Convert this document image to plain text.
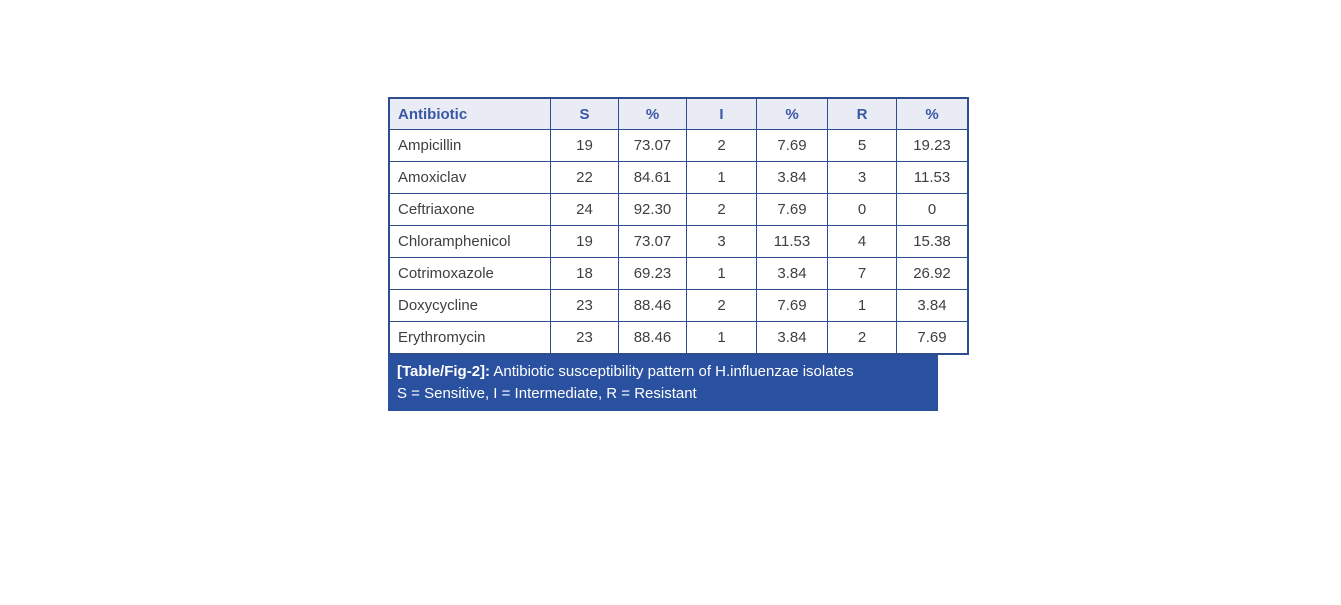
Antibiotic	S	%	I	%	R	%
Ampicillin	19	73.07	2	7.69	5	19.23
Amoxiclav	22	84.61	1	3.84	3	11.53
Ceftriaxone	24	92.30	2	7.69	0	0
Chloramphenicol	19	73.07	3	11.53	4	15.38
Cotrimoxazole	18	69.23	1	3.84	7	26.92
Doxycycline	23	88.46	2	7.69	1	3.84
Erythromycin	23	88.46	1	3.84	2	7.69
[Table/Fig-2]: Antibiotic susceptibility pattern of H.influenzae isolates
S = Sensitive, I = Intermediate, R = Resistant
